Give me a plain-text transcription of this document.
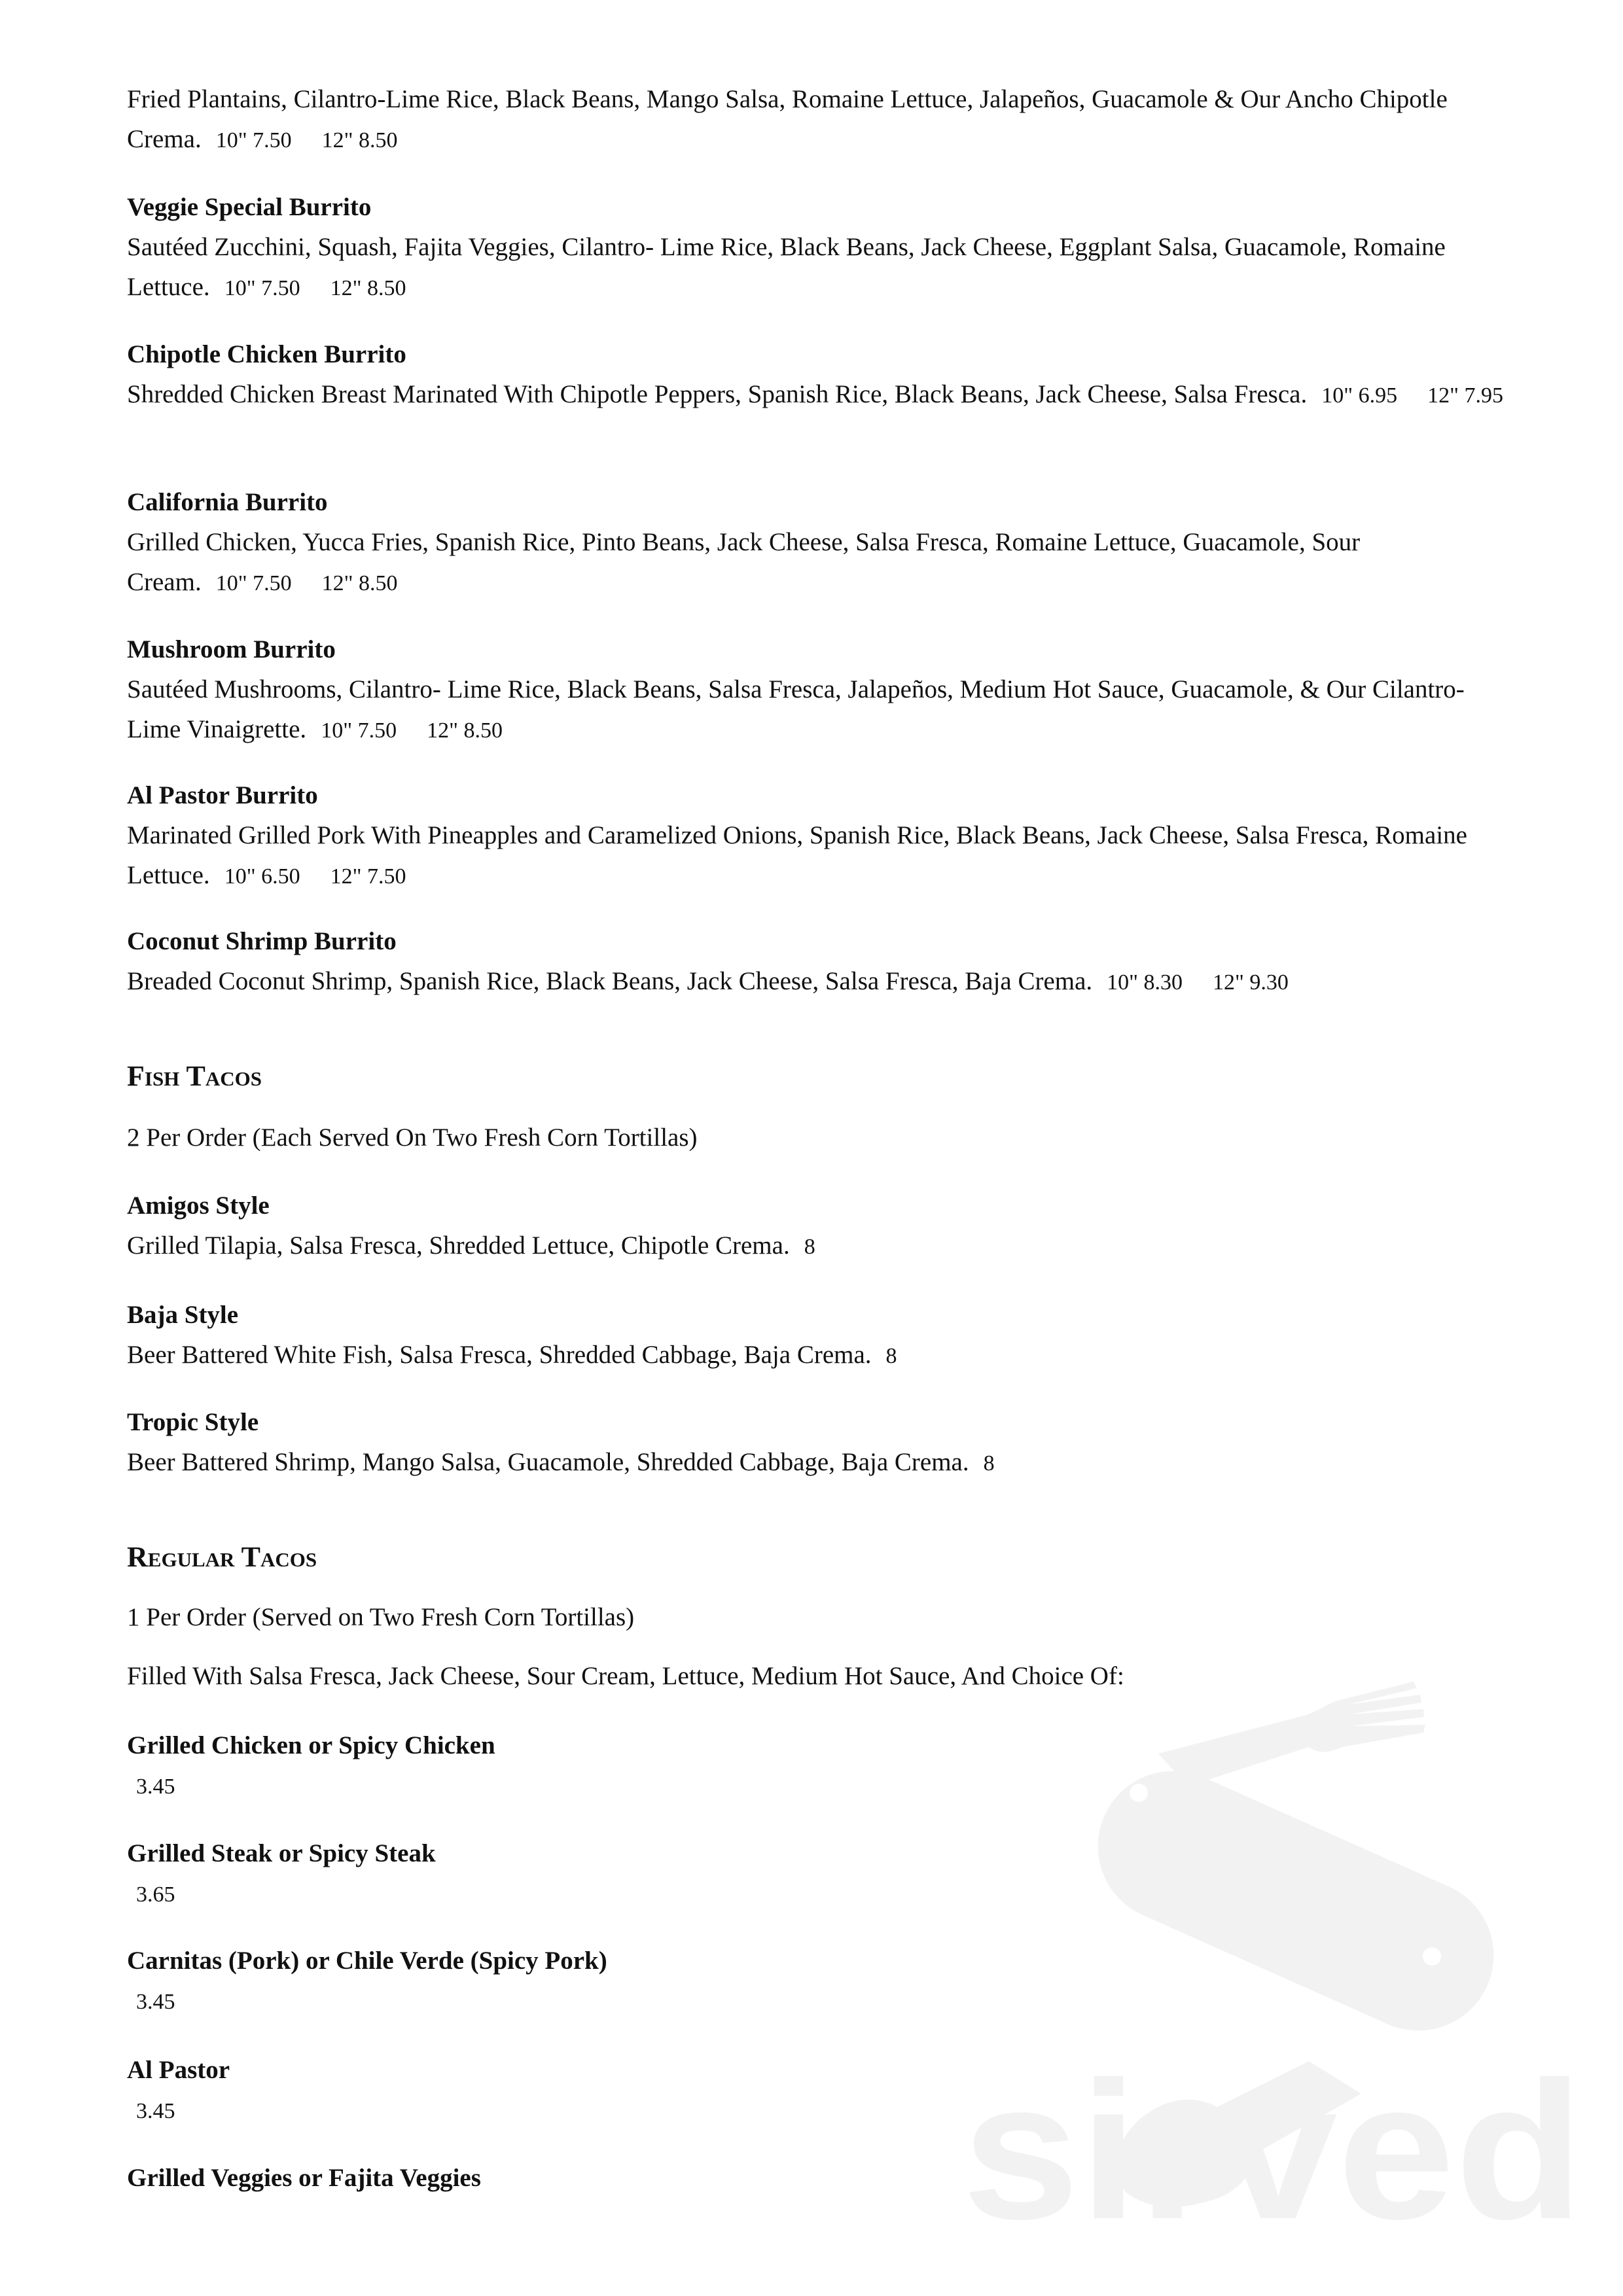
Fried Plantains, Cilantro-Lime Rice, Black Beans, Mango Salsa, Romaine Lettuce, Jalapeños, Guacamole & Our Ancho Chipotle Crema. 10" 7.50 12" 8.50
Veggie Special Burrito
Sautéed Zucchini, Squash, Fajita Veggies, Cilantro- Lime Rice, Black Beans, Jack Cheese, Eggplant Salsa, Guacamole, Romaine Lettuce. 10" 7.50 12" 8.50
Chipotle Chicken Burrito
Shredded Chicken Breast Marinated With Chipotle Peppers, Spanish Rice, Black Beans, Jack Cheese, Salsa Fresca. 10" 6.95 12" 7.95
California Burrito
Grilled Chicken, Yucca Fries, Spanish Rice, Pinto Beans, Jack Cheese, Salsa Fresca, Romaine Lettuce, Guacamole, Sour Cream. 10" 7.50 12" 8.50
Mushroom Burrito
Sautéed Mushrooms, Cilantro- Lime Rice, Black Beans, Salsa Fresca, Jalapeños, Medium Hot Sauce, Guacamole, & Our Cilantro- Lime Vinaigrette. 10" 7.50 12" 8.50
Al Pastor Burrito
Marinated Grilled Pork With Pineapples and Caramelized Onions, Spanish Rice, Black Beans, Jack Cheese, Salsa Fresca, Romaine Lettuce. 10" 6.50 12" 7.50
Coconut Shrimp Burrito
Breaded Coconut Shrimp, Spanish Rice, Black Beans, Jack Cheese, Salsa Fresca, Baja Crema. 10" 8.30 12" 9.30
Fish Tacos
2 Per Order (Each Served On Two Fresh Corn Tortillas)
Amigos Style
Grilled Tilapia, Salsa Fresca, Shredded Lettuce, Chipotle Crema. 8
Baja Style
Beer Battered White Fish, Salsa Fresca, Shredded Cabbage, Baja Crema. 8
Tropic Style
Beer Battered Shrimp, Mango Salsa, Guacamole, Shredded Cabbage, Baja Crema. 8
sirved
Regular Tacos
1 Per Order (Served on Two Fresh Corn Tortillas)
Filled With Salsa Fresca, Jack Cheese, Sour Cream, Lettuce, Medium Hot Sauce, And Choice Of:
Grilled Chicken or Spicy Chicken
3.45
Grilled Steak or Spicy Steak
3.65
Carnitas (Pork) or Chile Verde (Spicy Pork)
3.45
Al Pastor
3.45
Grilled Veggies or Fajita Veggies
